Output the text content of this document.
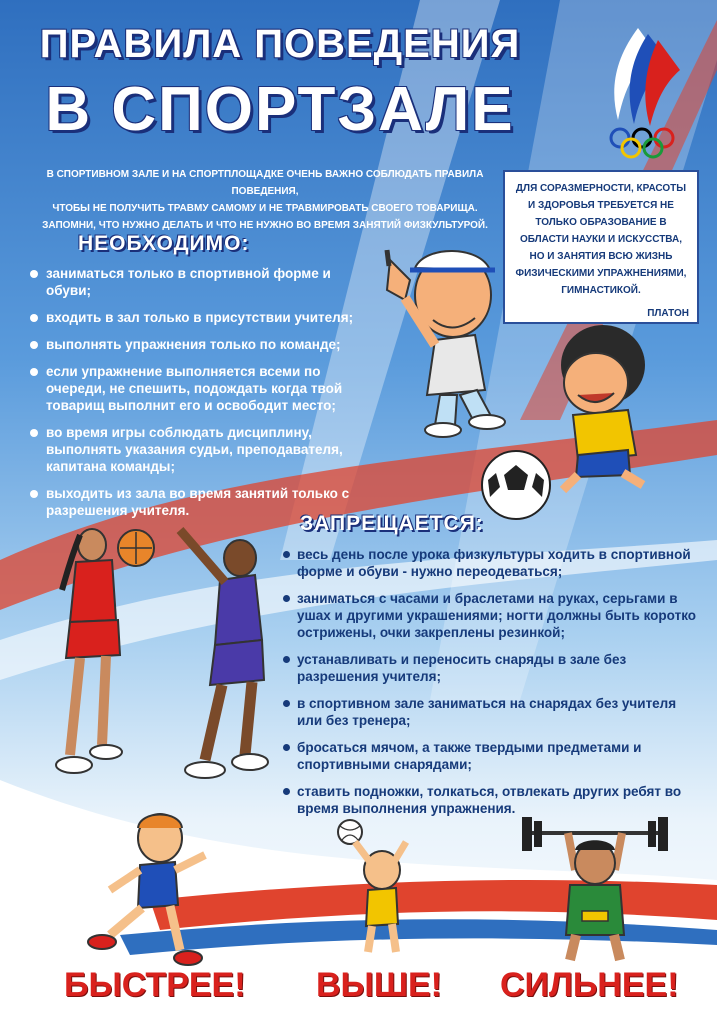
ПРАВИЛА ПОВЕДЕНИЯ
В СПОРТЗАЛЕ
В СПОРТИВНОМ ЗАЛЕ И НА СПОРТПЛОЩАДКЕ ОЧЕНЬ ВАЖНО СОБЛЮДАТЬ ПРАВИЛА ПОВЕДЕНИЯ,
ЧТОБЫ НЕ ПОЛУЧИТЬ ТРАВМУ САМОМУ И НЕ ТРАВМИРОВАТЬ СВОЕГО ТОВАРИЩА.
ЗАПОМНИ, ЧТО НУЖНО ДЕЛАТЬ И ЧТО НЕ НУЖНО ВО ВРЕМЯ ЗАНЯТИЙ ФИЗКУЛЬТУРОЙ.
ДЛЯ СОРАЗМЕРНОСТИ, КРАСОТЫ И ЗДОРОВЬЯ ТРЕБУЕТСЯ НЕ ТОЛЬКО ОБРАЗОВАНИЕ В ОБЛАСТИ НАУКИ И ИСКУССТВА, НО И ЗАНЯТИЯ ВСЮ ЖИЗНЬ ФИЗИЧЕСКИМИ УПРАЖНЕНИЯМИ, ГИМНАСТИКОЙ.
ПЛАТОН
НЕОБХОДИМО:
заниматься только в спортивной форме и обуви;
входить в зал только в присутствии учителя;
выполнять упражнения только по команде;
если упражнение выполняется всеми по очереди, не спешить, подождать когда твой товарищ выполнит его и освободит место;
во время игры соблюдать дисциплину, выполнять указания судьи, преподавателя, капитана команды;
выходить из зала во время занятий только с разрешения учителя.
ЗАПРЕЩАЕТСЯ:
весь день после урока физкультуры ходить в спортивной форме и обуви - нужно переодеваться;
заниматься с часами и браслетами на руках, серьгами в ушах и другими украшениями; ногти должны быть коротко острижены, очки закреплены резинкой;
устанавливать и переносить снаряды в зале без разрешения учителя;
в спортивном зале заниматься на снарядах без учителя или без тренера;
бросаться мячом, а также твердыми предметами и спортивными снарядами;
ставить подножки, толкаться, отвлекать других ребят во время выполнения упражнения.
БЫСТРЕЕ! ВЫШЕ! СИЛЬНЕЕ!
